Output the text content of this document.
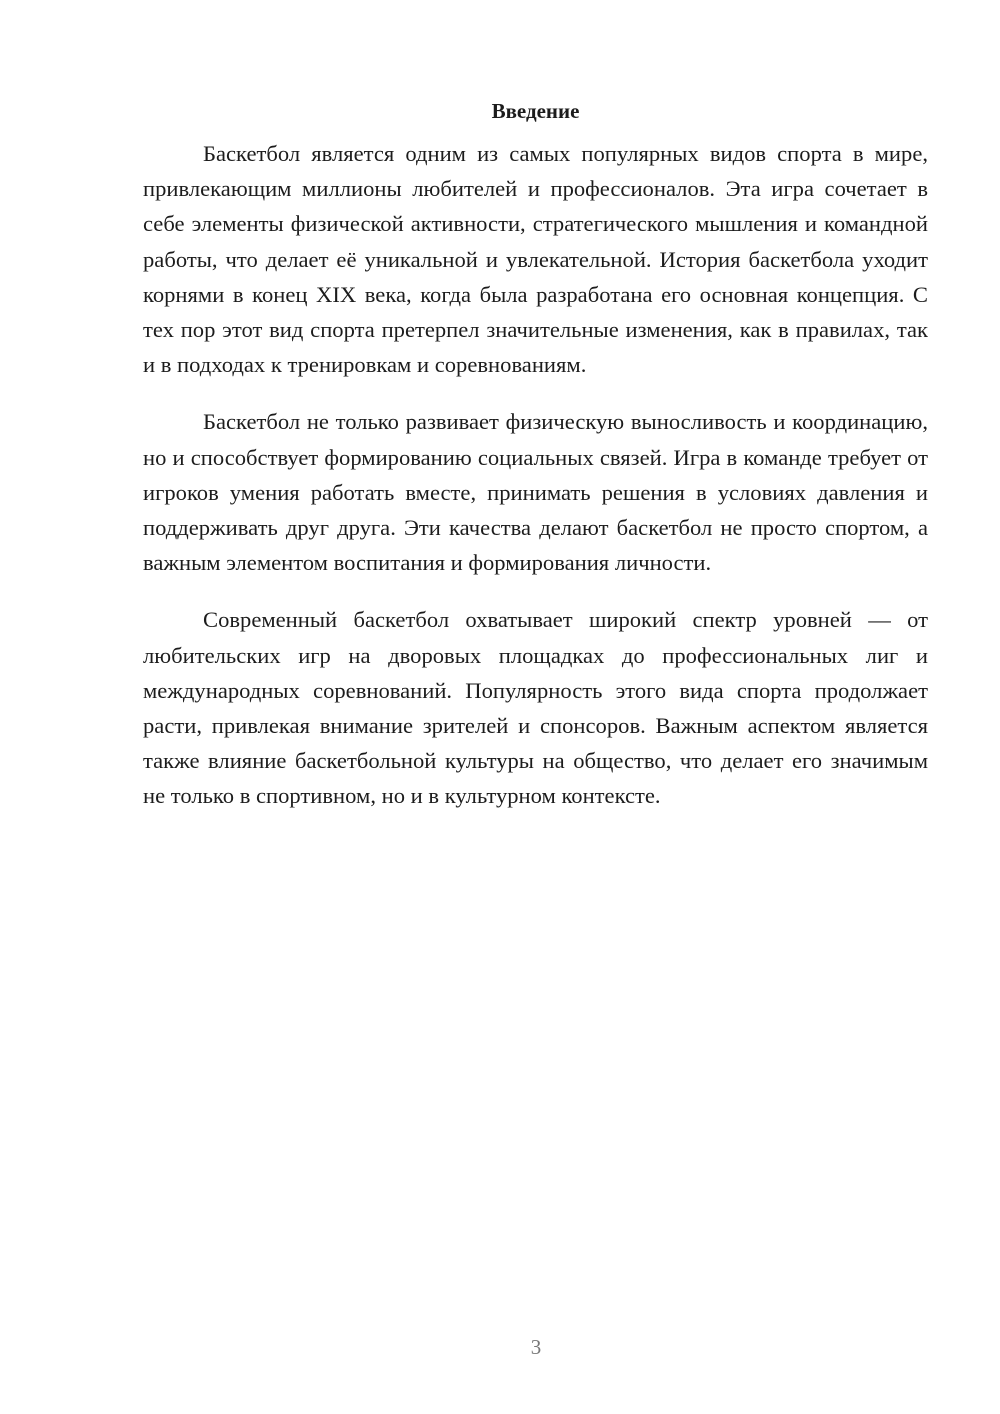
Введение

Баскетбол является одним из самых популярных видов спорта в мире, привлекающим миллионы любителей и профессионалов. Эта игра сочетает в себе элементы физической активности, стратегического мышления и командной работы, что делает её уникальной и увлекательной. История баскетбола уходит корнями в конец XIX века, когда была разработана его основная концепция. С тех пор этот вид спорта претерпел значительные изменения, как в правилах, так и в подходах к тренировкам и соревнованиям.

Баскетбол не только развивает физическую выносливость и координацию, но и способствует формированию социальных связей. Игра в команде требует от игроков умения работать вместе, принимать решения в условиях давления и поддерживать друг друга. Эти качества делают баскетбол не просто спортом, а важным элементом воспитания и формирования личности.

Современный баскетбол охватывает широкий спектр уровней — от любительских игр на дворовых площадках до профессиональных лиг и международных соревнований. Популярность этого вида спорта продолжает расти, привлекая внимание зрителей и спонсоров. Важным аспектом является также влияние баскетбольной культуры на общество, что делает его значимым не только в спортивном, но и в культурном контексте.

3
